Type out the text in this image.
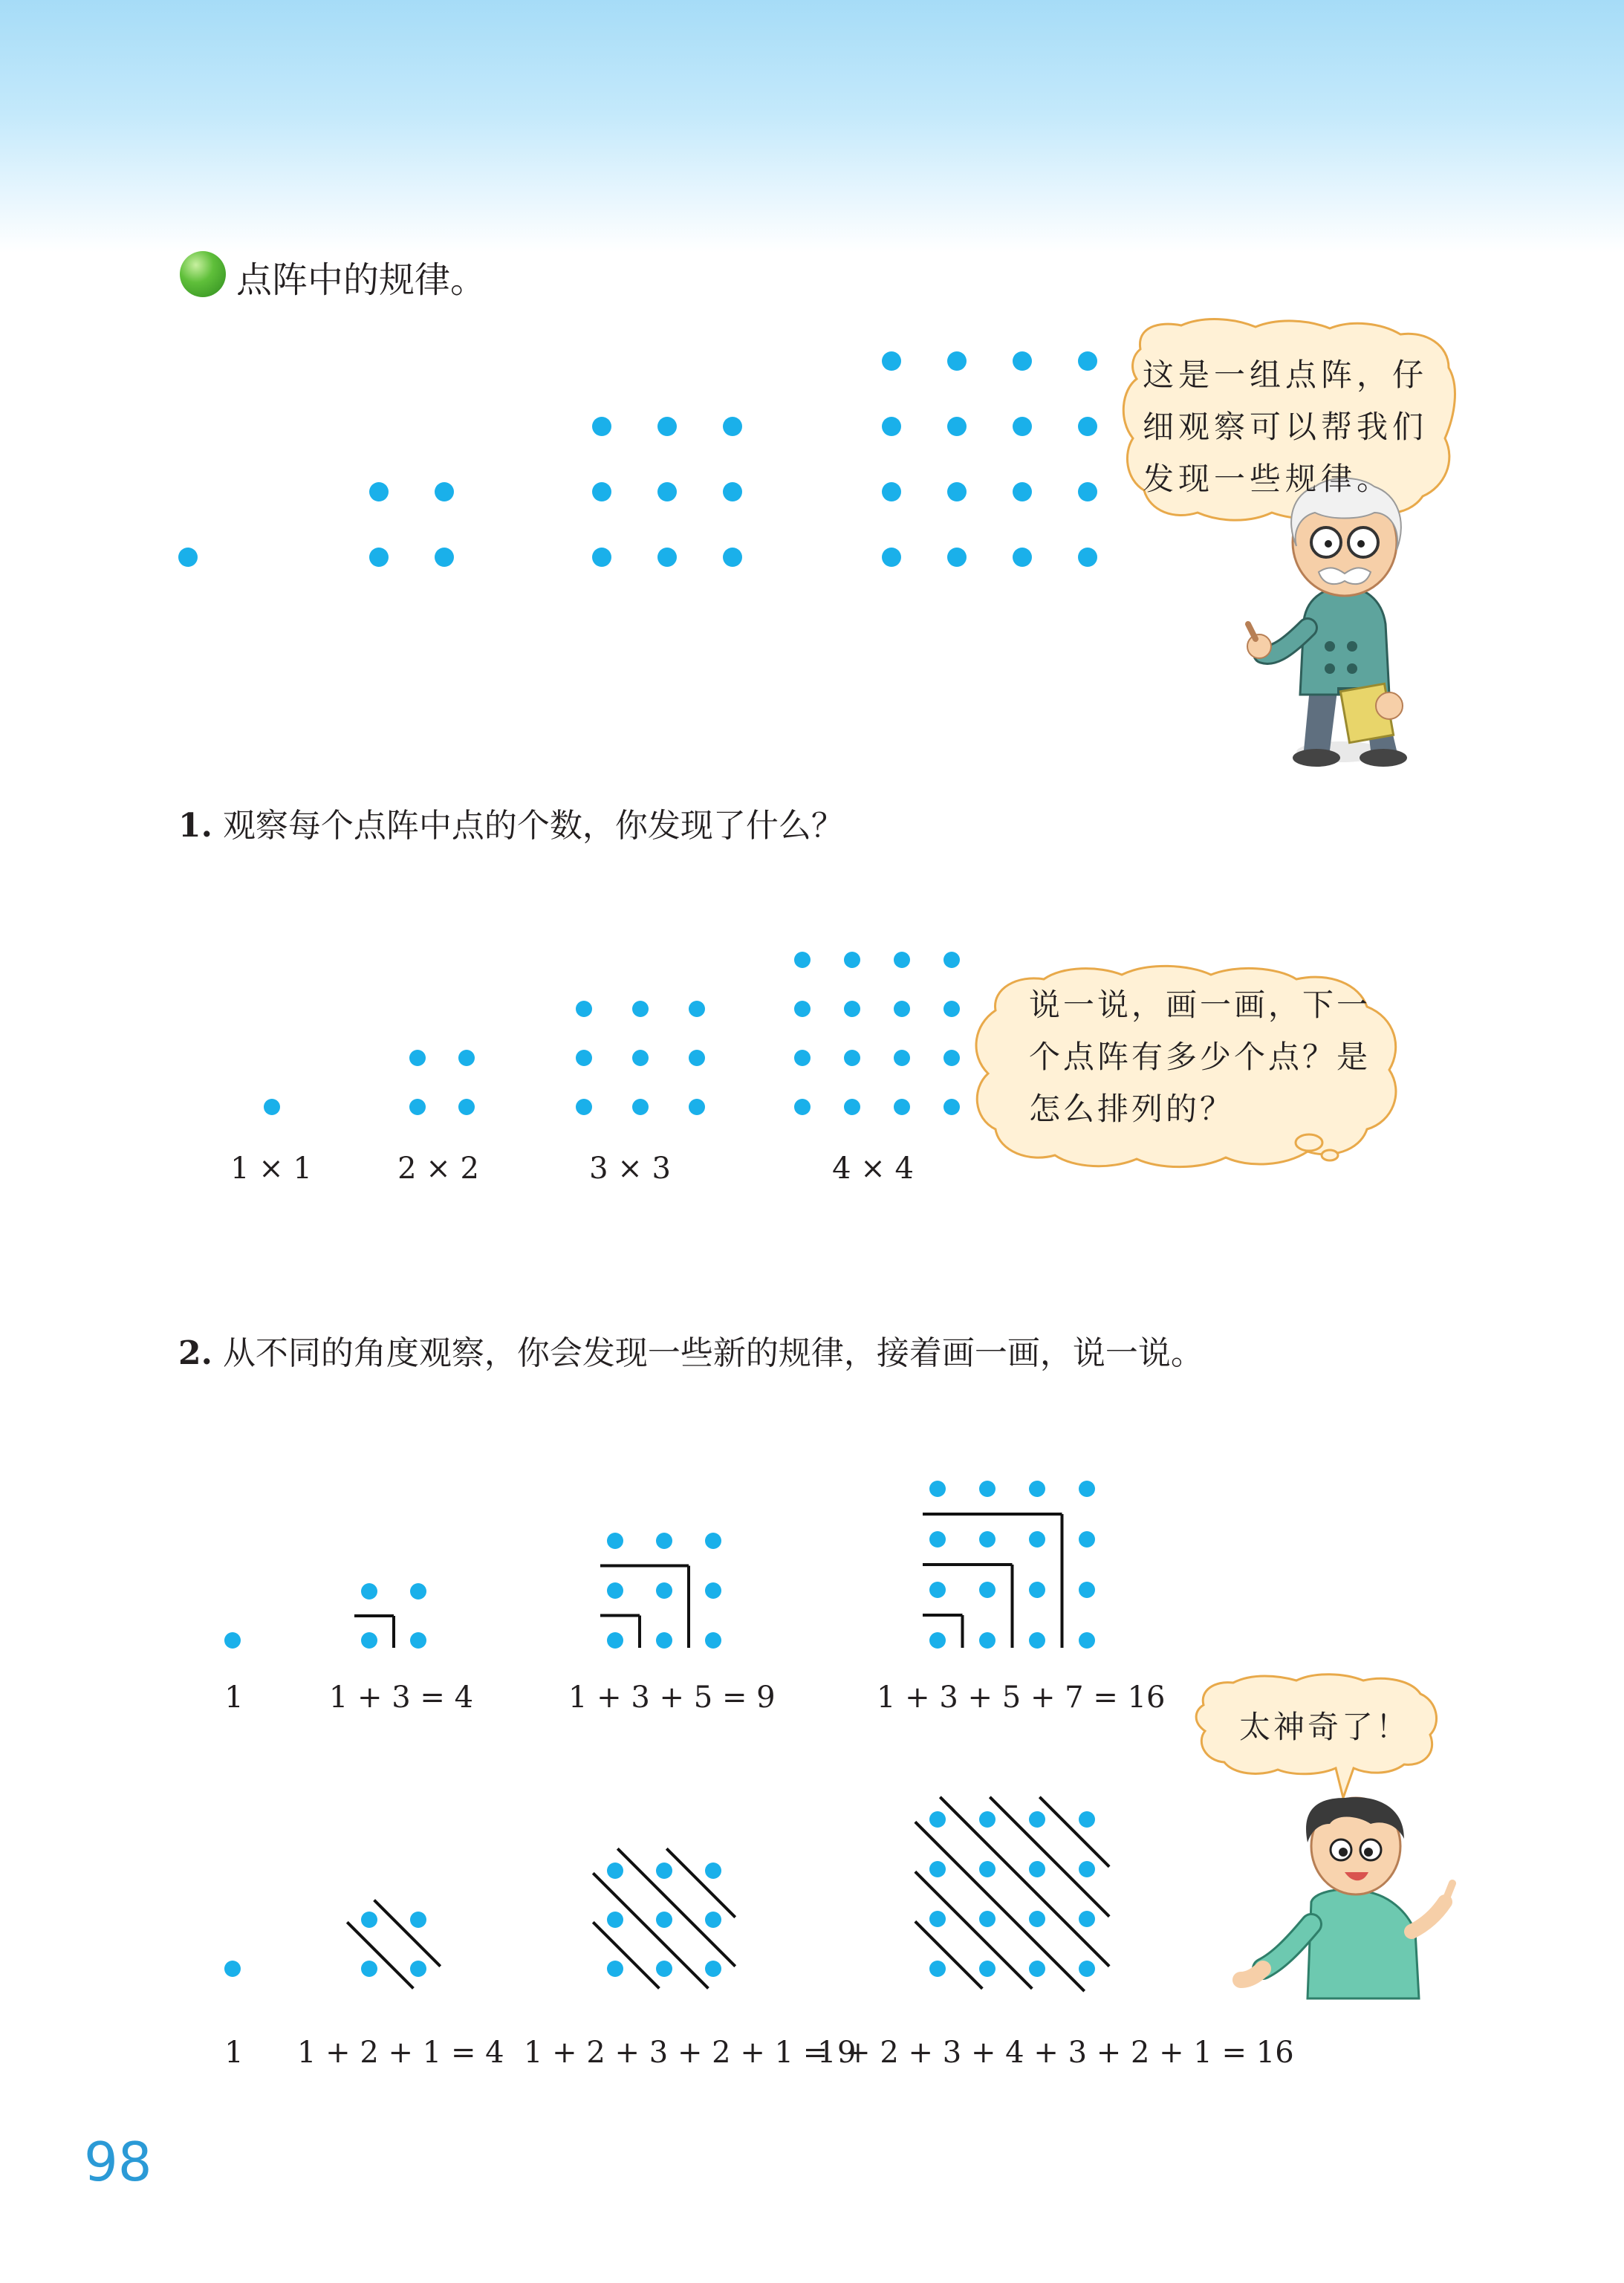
点阵中的规律。
这是一组点阵，仔
细观察可以帮我们
发现一些规律。
1. 观察每个点阵中点的个数，你发现了什么？
说一说，画一画，下一
个点阵有多少个点？是
怎么排列的？
1 × 1	2 × 2	3 × 3	4 × 4
2. 从不同的角度观察，你会发现一些新的规律，接着画一画，说一说。
1	1 + 3 = 4	1 + 3 + 5 = 9	1 + 3 + 5 + 7 = 16
太神奇了！
1 1 + 2 + 1 = 4 1 + 2 + 3 + 2 + 1 = 9
1 + 2 + 3 + 4 + 3 + 2 + 1 = 16
98
